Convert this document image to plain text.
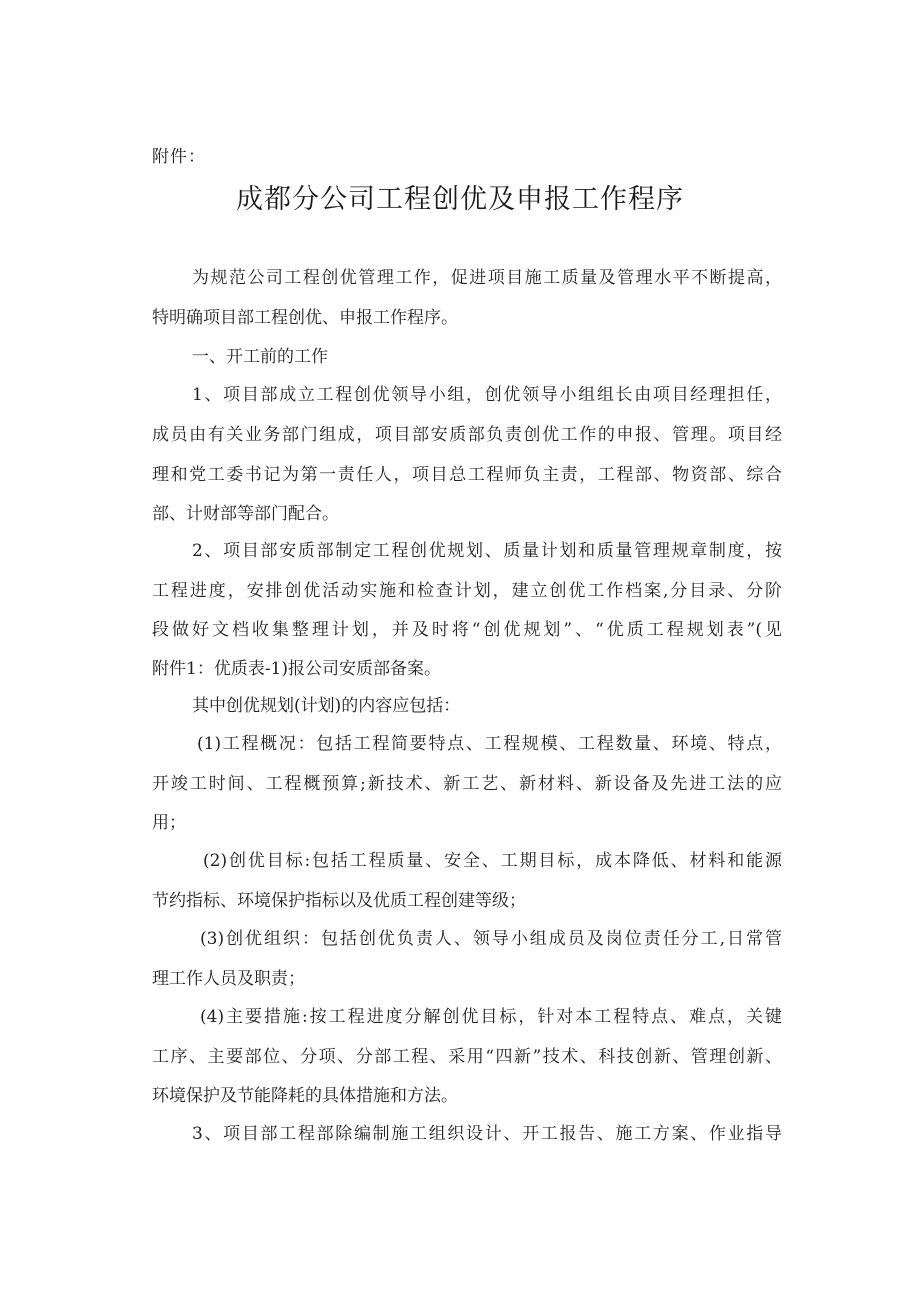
附件：
成都分公司工程创优及申报工作程序
为规范公司工程创优管理工作，促进项目施工质量及管理水平不断提高，
特明确项目部工程创优、申报工作程序。
一、开工前的工作
1、项目部成立工程创优领导小组，创优领导小组组长由项目经理担任，
成员由有关业务部门组成，项目部安质部负责创优工作的申报、管理。项目经
理和党工委书记为第一责任人，项目总工程师负主责，工程部、物资部、综合
部、计财部等部门配合。
2、项目部安质部制定工程创优规划、质量计划和质量管理规章制度，按
工程进度，安排创优活动实施和检查计划，建立创优工作档案,分目录、分阶
段做好文档收集整理计划，并及时将“创优规划”、“优质工程规划表”(见
附件1：优质表-1)报公司安质部备案。
其中创优规划(计划)的内容应包括：
(1)工程概况：包括工程简要特点、工程规模、工程数量、环境、特点，
开竣工时间、工程概预算;新技术、新工艺、新材料、新设备及先进工法的应
用；
(2)创优目标:包括工程质量、安全、工期目标，成本降低、材料和能源
节约指标、环境保护指标以及优质工程创建等级；
(3)创优组织：包括创优负责人、领导小组成员及岗位责任分工,日常管
理工作人员及职责；
(4)主要措施:按工程进度分解创优目标，针对本工程特点、难点，关键
工序、主要部位、分项、分部工程、采用“四新”技术、科技创新、管理创新、
环境保护及节能降耗的具体措施和方法。
3、项目部工程部除编制施工组织设计、开工报告、施工方案、作业指导
